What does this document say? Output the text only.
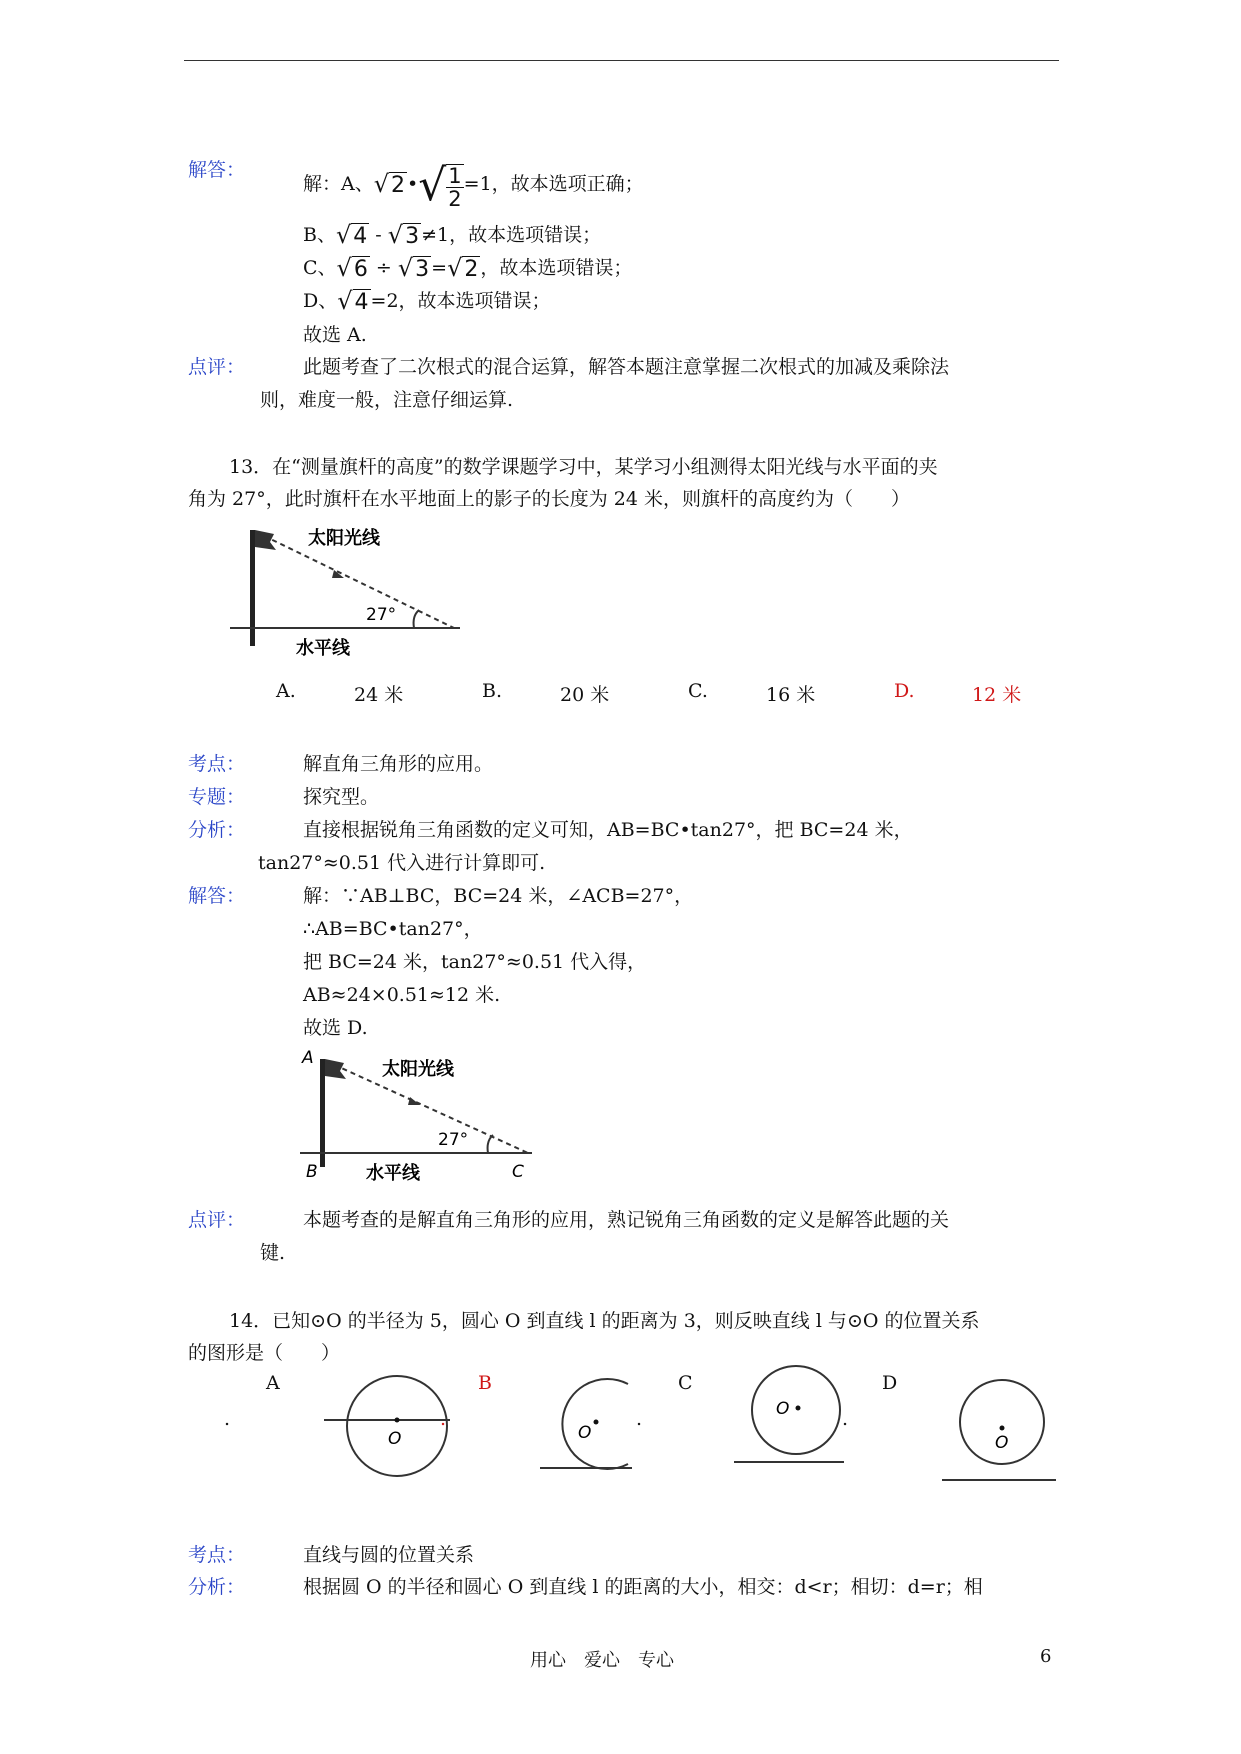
解答：
解：A、√2 •√ $\frac{1}{2} =1$，故本选项正确；
B、√4 - √3 ≠1，故本选项错误；
C、√6 ÷ √3 =√2 ，故本选项错误；
D、√4 =2，故本选项错误；
故选 A.
点评：	此题考查了二次根式的混合运算，解答本题注意掌握二次根式的加减及乘除法
则，难度一般，注意仔细运算.
13．在“测量旗杆的高度”的数学课题学习中，某学习小组测得太阳光线与水平面的夹
角为 27°，此时旗杆在水平地面上的影子的长度为 24 米，则旗杆的高度约为（　　）
太阳光线
27°
水平线
A.	24 米	B.	20 米	C.	16 米	D.	12 米
考点：	解直角三角形的应用。
专题：	探究型。
分析：	直接根据锐角三角函数的定义可知，AB=BC•tan27°，把 BC=24 米，
tan27°≈0.51 代入进行计算即可.
解答：	解：∵AB⊥BC，BC=24 米，∠ACB=27°，
∴AB=BC•tan27°，
把 BC=24 米，tan27°≈0.51 代入得，
AB≈24×0.51≈12 米.
故选 D.
A
太阳光线
27°
B	水平线	C
点评：	本题考查的是解直角三角形的应用，熟记锐角三角函数的定义是解答此题的关
键.
14．已知⊙O 的半径为 5，圆心 O 到直线 l 的距离为 3，则反映直线 l 与⊙O 的位置关系
的图形是（　　）
A
.
O
.
B
O
.
C
O	.
D
O
考点：	直线与圆的位置关系
分析：	根据圆 O 的半径和圆心 O 到直线 l 的距离的大小，相交：d<r；相切：d=r；相
用心　爱心　专心	6
